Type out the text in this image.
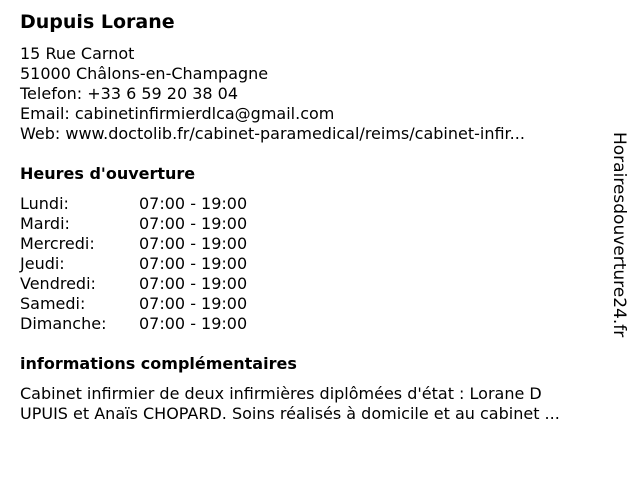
Dupuis Lorane
15 Rue Carnot
51000 Châlons-en-Champagne
Telefon: +33 6 59 20 38 04
Email: cabinetinfirmierdlca@gmail.com
Web: www.doctolib.fr/cabinet-paramedical/reims/cabinet-infir...
Heures d'ouverture
Lundi:	07:00 - 19:00
Mardi:	07:00 - 19:00
Mercredi:	07:00 - 19:00
Jeudi:	07:00 - 19:00
Vendredi:	07:00 - 19:00
Samedi:	07:00 - 19:00
Dimanche: 07:00 - 19:00
informations complémentaires
Cabinet infirmier de deux infirmières diplômées d'état : Lorane D
UPUIS et Anaïs CHOPARD. Soins réalisés à domicile et au cabinet ...
Horairesdouverture24.fr
